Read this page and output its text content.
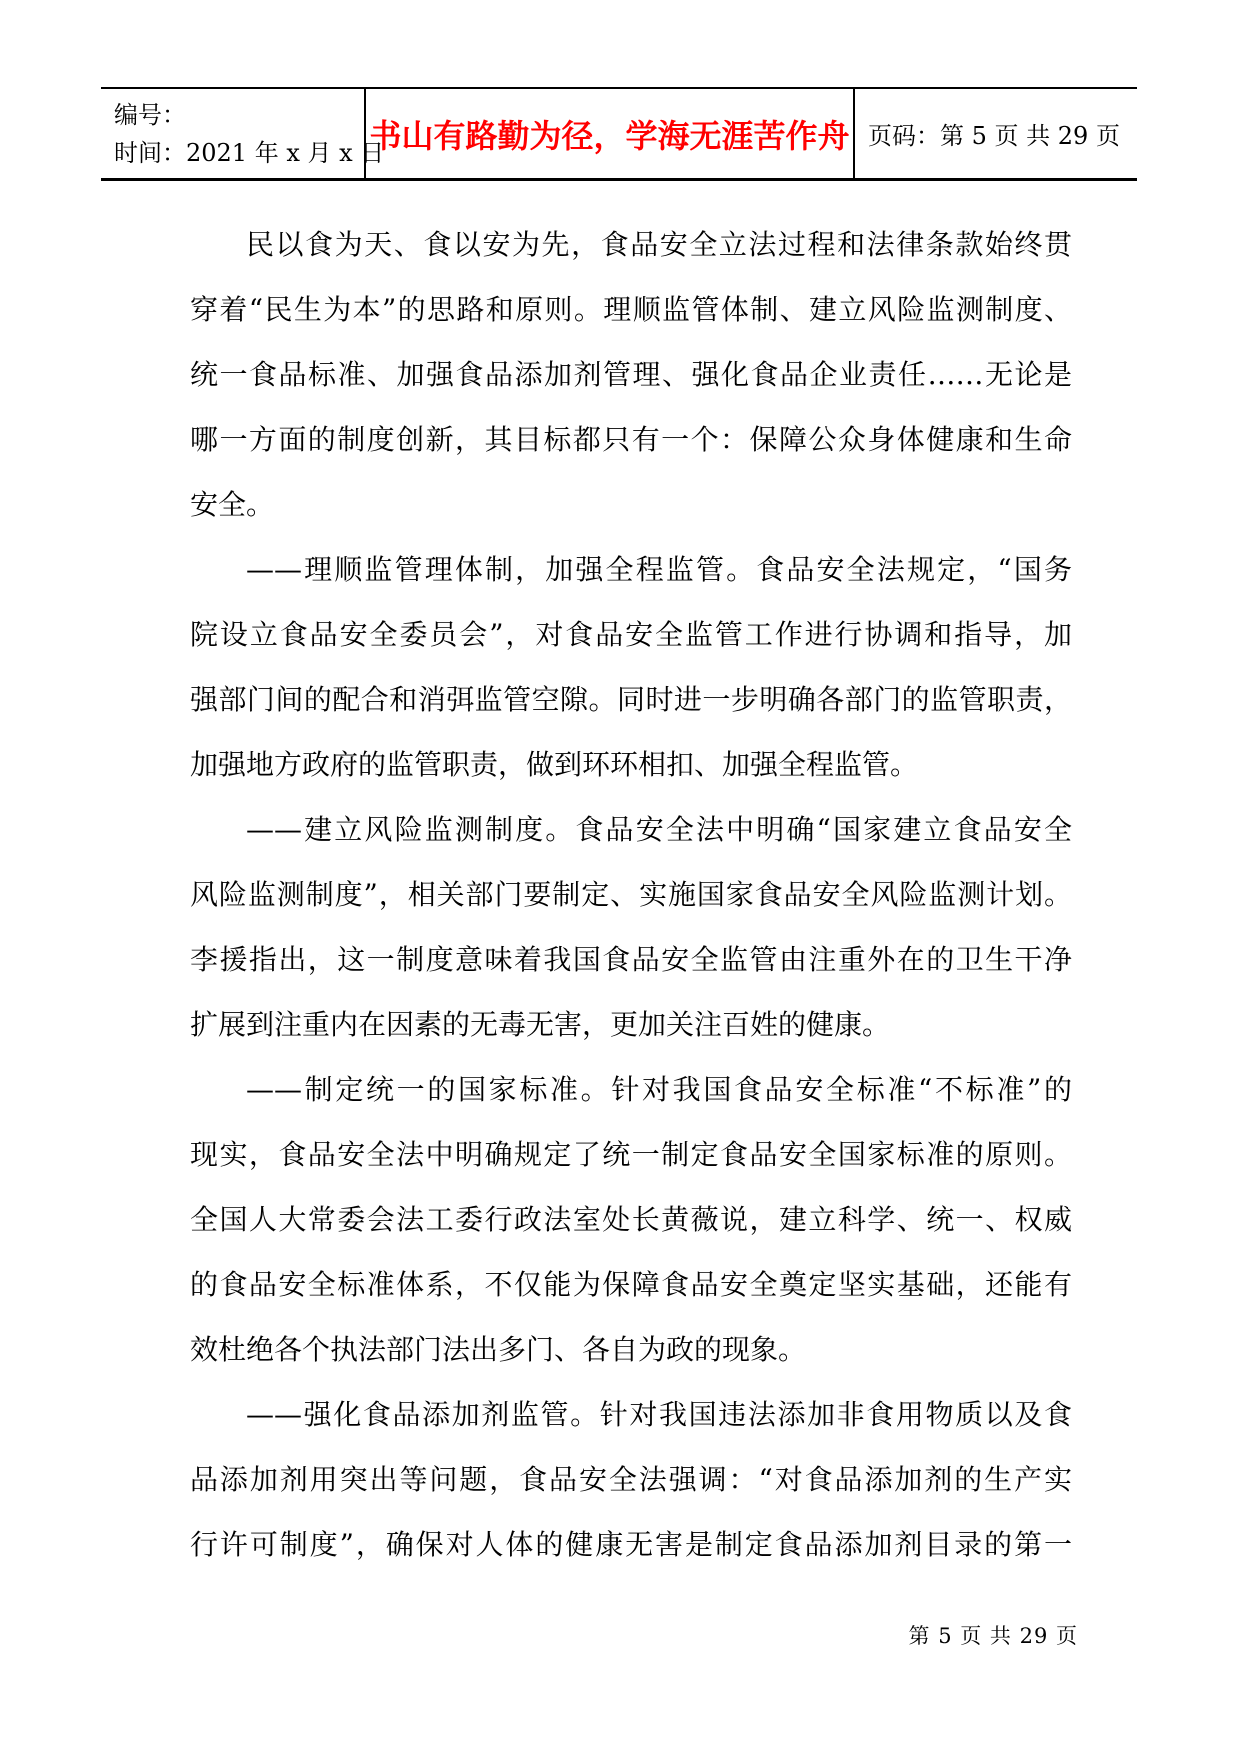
编号：
时间：2021 年 x 月 x 日
书山有路勤为径，学海无涯苦作舟 页码：第 5 页 共 29 页
民以食为天、食以安为先，食品安全立法过程和法律条款始终贯
穿着“民生为本”的思路和原则。理顺监管体制、建立风险监测制度、
统一食品标准、加强食品添加剂管理、强化食品企业责任……无论是
哪一方面的制度创新，其目标都只有一个：保障公众身体健康和生命
安全。
——理顺监管理体制，加强全程监管。食品安全法规定，“国务
院设立食品安全委员会”，对食品安全监管工作进行协调和指导，加
强部门间的配合和消弭监管空隙。同时进一步明确各部门的监管职责，
加强地方政府的监管职责，做到环环相扣、加强全程监管。
——建立风险监测制度。食品安全法中明确“国家建立食品安全
风险监测制度”，相关部门要制定、实施国家食品安全风险监测计划。
李援指出，这一制度意味着我国食品安全监管由注重外在的卫生干净
扩展到注重内在因素的无毒无害，更加关注百姓的健康。
——制定统一的国家标准。针对我国食品安全标准“不标准”的
现实，食品安全法中明确规定了统一制定食品安全国家标准的原则。
全国人大常委会法工委行政法室处长黄薇说，建立科学、统一、权威
的食品安全标准体系，不仅能为保障食品安全奠定坚实基础，还能有
效杜绝各个执法部门法出多门、各自为政的现象。
——强化食品添加剂监管。针对我国违法添加非食用物质以及食
品添加剂用突出等问题，食品安全法强调：“对食品添加剂的生产实
行许可制度”，确保对人体的健康无害是制定食品添加剂目录的第一
第 5 页 共 29 页
